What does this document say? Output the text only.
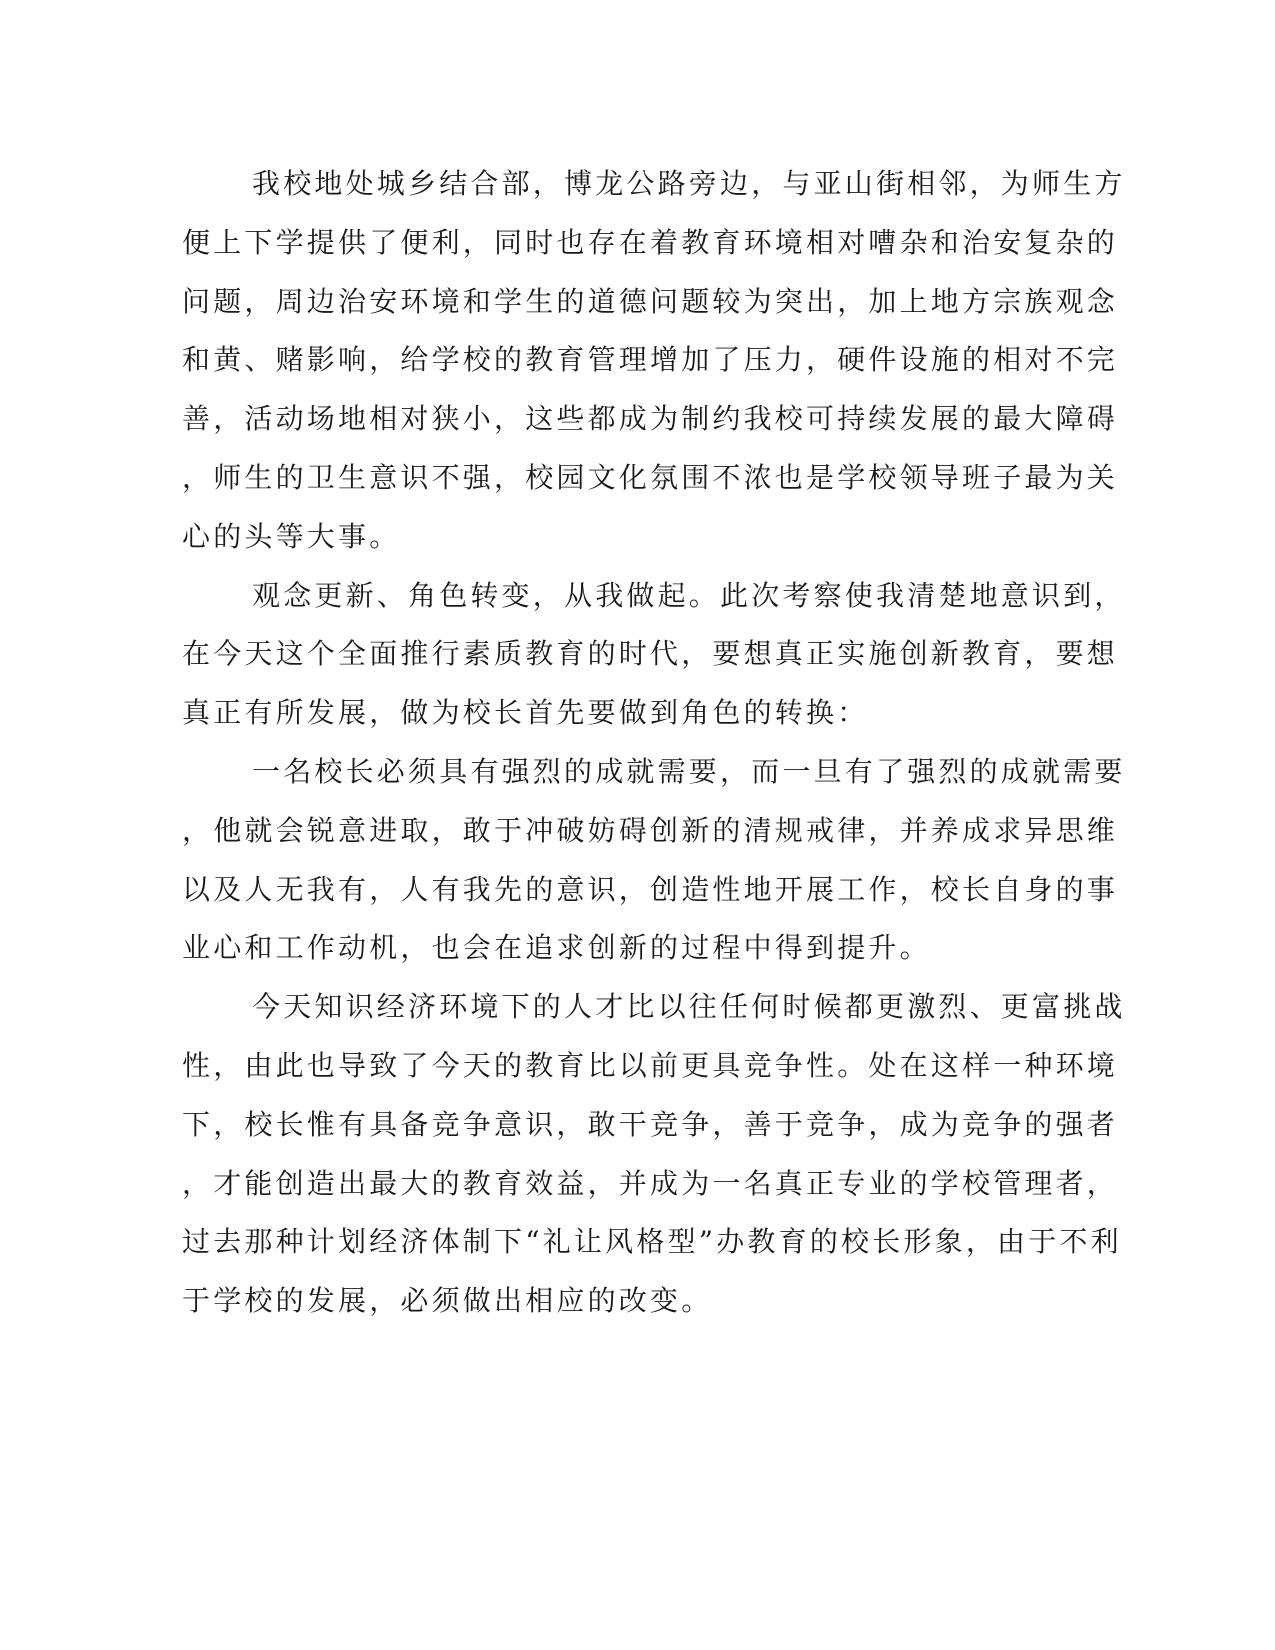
我校地处城乡结合部，博龙公路旁边，与亚山街相邻，为师生方
便上下学提供了便利，同时也存在着教育环境相对嘈杂和治安复杂的
问题，周边治安环境和学生的道德问题较为突出，加上地方宗族观念
和黄、赌影响，给学校的教育管理增加了压力，硬件设施的相对不完
善，活动场地相对狭小，这些都成为制约我校可持续发展的最大障碍
，师生的卫生意识不强，校园文化氛围不浓也是学校领导班子最为关
心的头等大事。
观念更新、角色转变，从我做起。此次考察使我清楚地意识到，
在今天这个全面推行素质教育的时代，要想真正实施创新教育，要想
真正有所发展，做为校长首先要做到角色的转换：
一名校长必须具有强烈的成就需要，而一旦有了强烈的成就需要
，他就会锐意进取，敢于冲破妨碍创新的清规戒律，并养成求异思维
以及人无我有，人有我先的意识，创造性地开展工作，校长自身的事
业心和工作动机，也会在追求创新的过程中得到提升。
今天知识经济环境下的人才比以往任何时候都更激烈、更富挑战
性，由此也导致了今天的教育比以前更具竞争性。处在这样一种环境
下，校长惟有具备竞争意识，敢干竞争，善于竞争，成为竞争的强者
，才能创造出最大的教育效益，并成为一名真正专业的学校管理者，
过去那种计划经济体制下“礼让风格型”办教育的校长形象，由于不利
于学校的发展，必须做出相应的改变。
